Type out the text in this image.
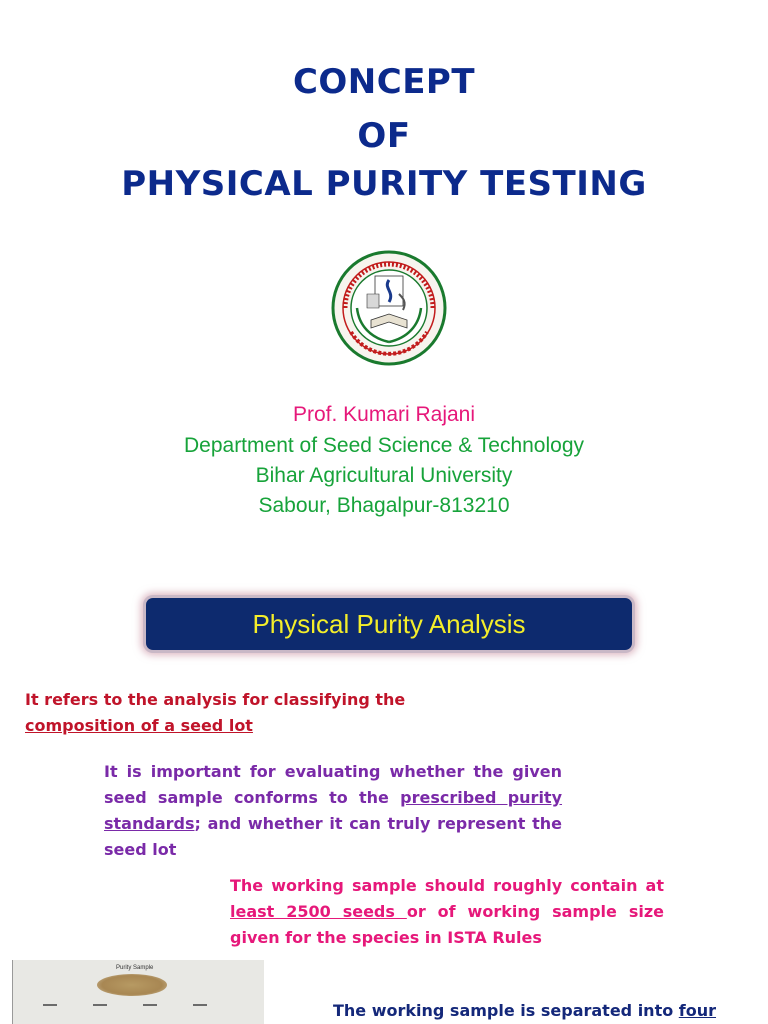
CONCEPT
OF
PHYSICAL PURITY TESTING
Prof. Kumari Rajani
Department of Seed Science & Technology
Bihar Agricultural University
Sabour, Bhagalpur-813210
Physical Purity Analysis
It refers to the analysis for classifying the composition of a seed lot
It is important for evaluating whether the given seed sample conforms to the prescribed purity standards; and whether it can truly represent the seed lot
The working sample should roughly contain at least 2500 seeds or of working sample size given for the species in ISTA Rules
Purity Sample
The working sample is separated into four
